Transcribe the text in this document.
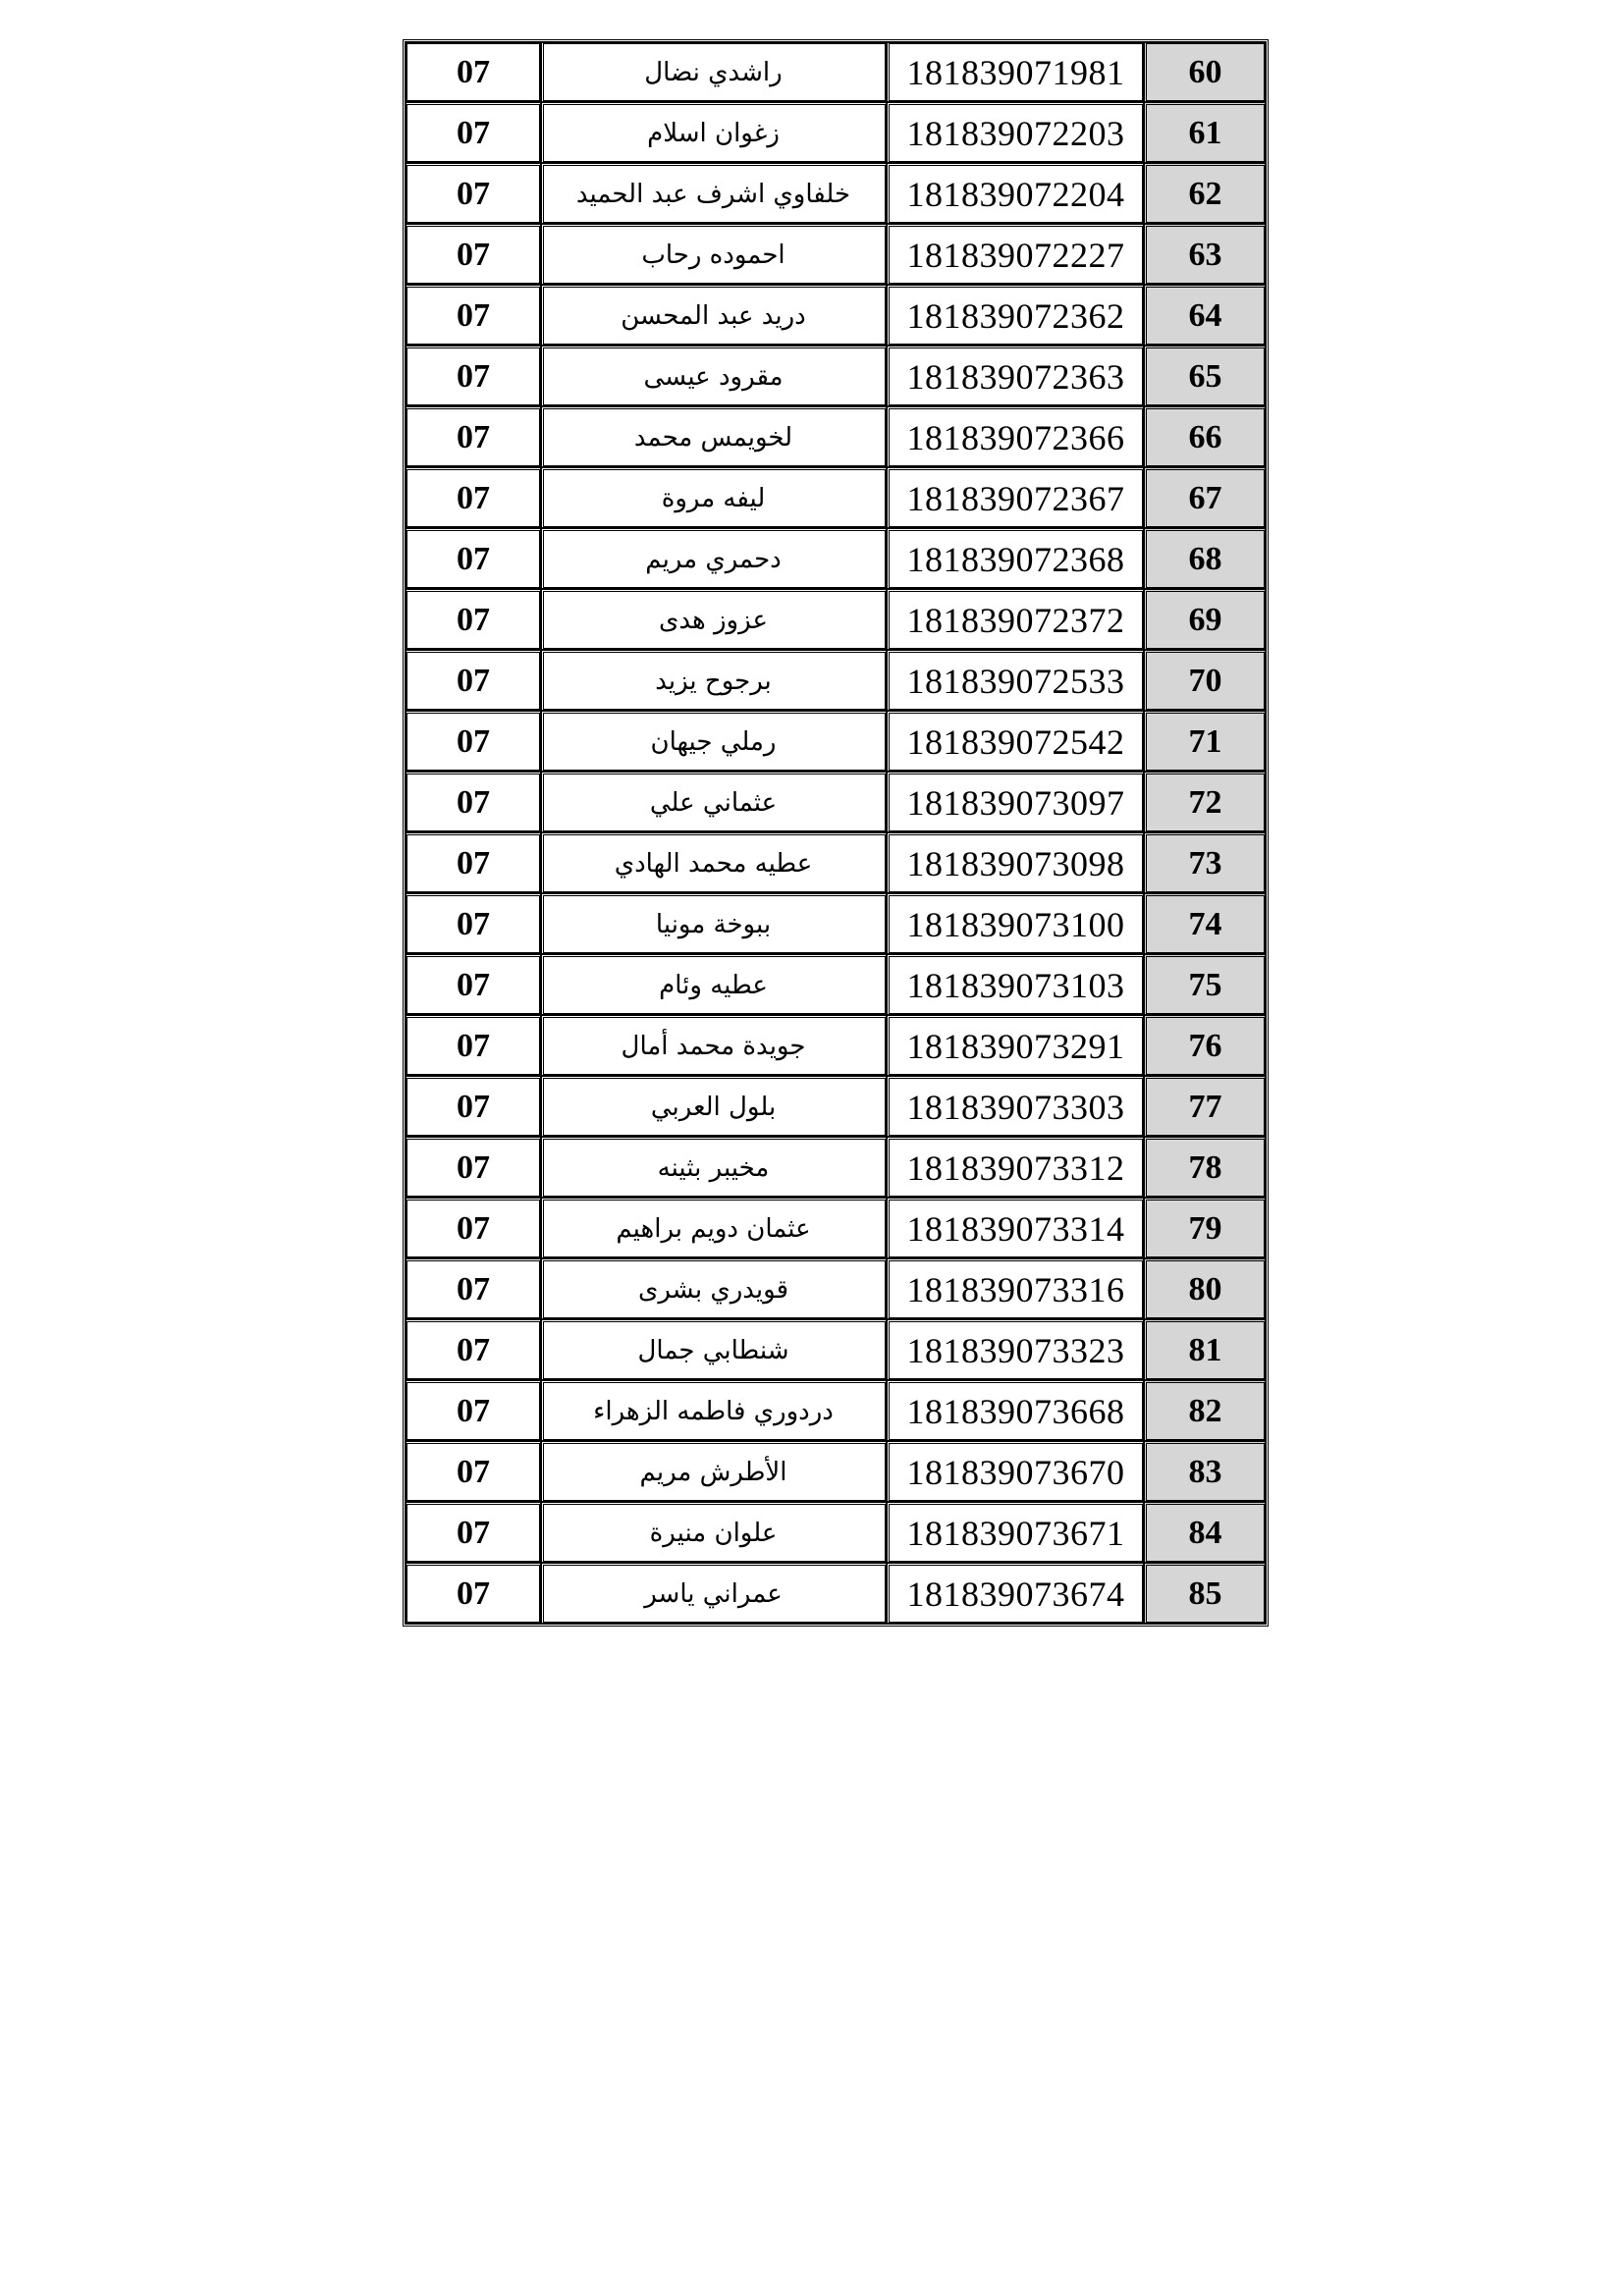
07	راشدي نضال	181839071981	60
07	زغوان اسلام	181839072203	61
07	خلفاوي اشرف عبد الحميد	181839072204	62
07	احموده رحاب	181839072227	63
07	دريد عبد المحسن	181839072362	64
07	مقرود عيسى	181839072363	65
07	لخويمس محمد	181839072366	66
07	ليفه مروة	181839072367	67
07	دحمري مريم	181839072368	68
07	عزوز هدى	181839072372	69
07	برجوح يزيد	181839072533	70
07	رملي جيهان	181839072542	71
07	عثماني علي	181839073097	72
07	عطيه محمد الهادي	181839073098	73
07	ببوخة مونيا	181839073100	74
07	عطيه وئام	181839073103	75
07	جويدة محمد أمال	181839073291	76
07	بلول العربي	181839073303	77
07	مخيبر بثينه	181839073312	78
07	عثمان دويم براهيم	181839073314	79
07	قويدري بشرى	181839073316	80
07	شنطابي جمال	181839073323	81
07	دردوري فاطمه الزهراء	181839073668	82
07	الأطرش مريم	181839073670	83
07	علوان منيرة	181839073671	84
07	عمراني ياسر	181839073674	85
